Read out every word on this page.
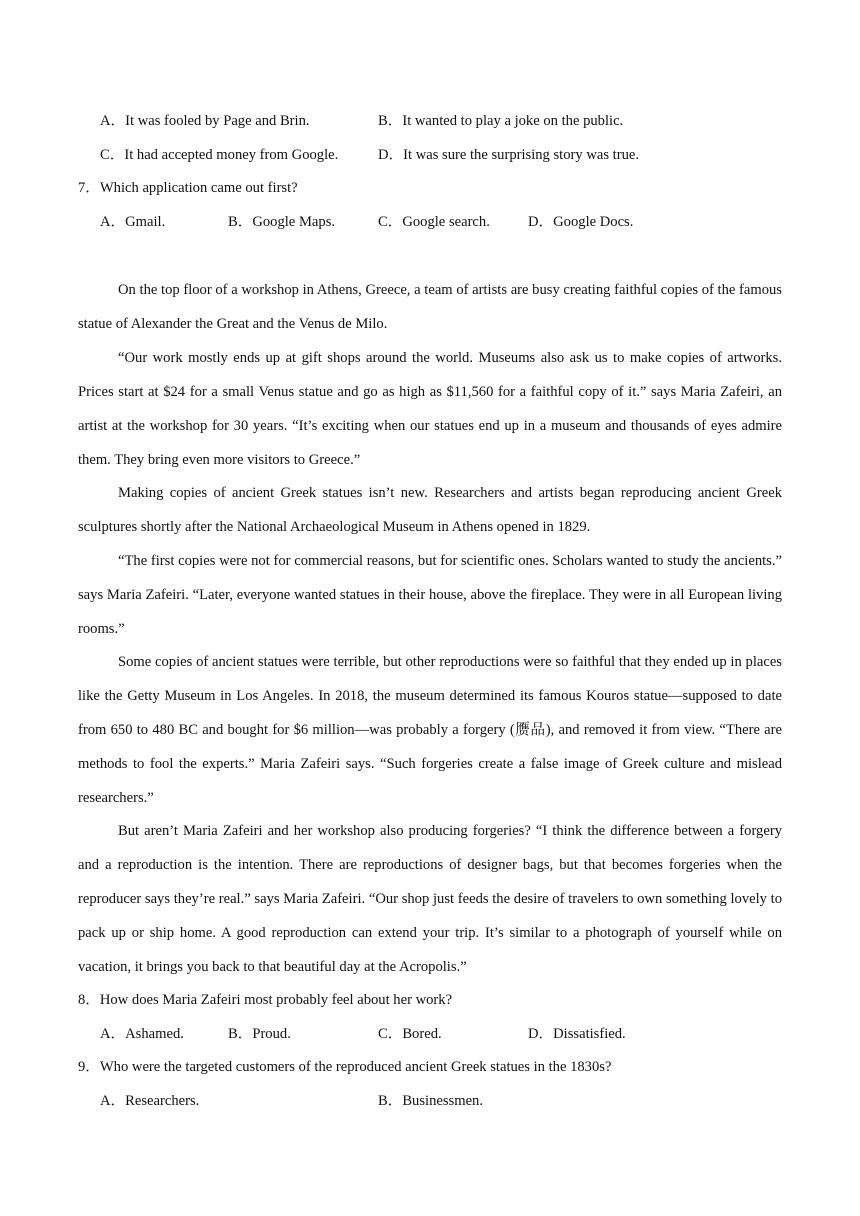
A．It was fooled by Page and Brin.	B．It wanted to play a joke on the public.
C．It had accepted money from Google.	D．It was sure the surprising story was true.
7．Which application came out first?
A．Gmail.	B．Google Maps.	C．Google search.	D．Google Docs.

On the top floor of a workshop in Athens, Greece, a team of artists are busy creating faithful copies of the famous statue of Alexander the Great and the Venus de Milo.

“Our work mostly ends up at gift shops around the world. Museums also ask us to make copies of artworks. Prices start at $24 for a small Venus statue and go as high as $11,560 for a faithful copy of it.” says Maria Zafeiri, an artist at the workshop for 30 years. “It’s exciting when our statues end up in a museum and thousands of eyes admire them. They bring even more visitors to Greece.”

Making copies of ancient Greek statues isn’t new. Researchers and artists began reproducing ancient Greek sculptures shortly after the National Archaeological Museum in Athens opened in 1829.

“The first copies were not for commercial reasons, but for scientific ones. Scholars wanted to study the ancients.” says Maria Zafeiri. “Later, everyone wanted statues in their house, above the fireplace. They were in all European living rooms.”

Some copies of ancient statues were terrible, but other reproductions were so faithful that they ended up in places like the Getty Museum in Los Angeles. In 2018, the museum determined its famous Kouros statue—supposed to date from 650 to 480 BC and bought for $6 million—was probably a forgery (赝品), and removed it from view. “There are methods to fool the experts.” Maria Zafeiri says. “Such forgeries create a false image of Greek culture and mislead researchers.”

But aren’t Maria Zafeiri and her workshop also producing forgeries? “I think the difference between a forgery and a reproduction is the intention. There are reproductions of designer bags, but that becomes forgeries when the reproducer says they’re real.” says Maria Zafeiri. “Our shop just feeds the desire of travelers to own something lovely to pack up or ship home. A good reproduction can extend your trip. It’s similar to a photograph of yourself while on vacation, it brings you back to that beautiful day at the Acropolis.”

8．How does Maria Zafeiri most probably feel about her work?
A．Ashamed.	B．Proud.	C．Bored.	D．Dissatisfied.
9．Who were the targeted customers of the reproduced ancient Greek statues in the 1830s?
A．Researchers.	B．Businessmen.
